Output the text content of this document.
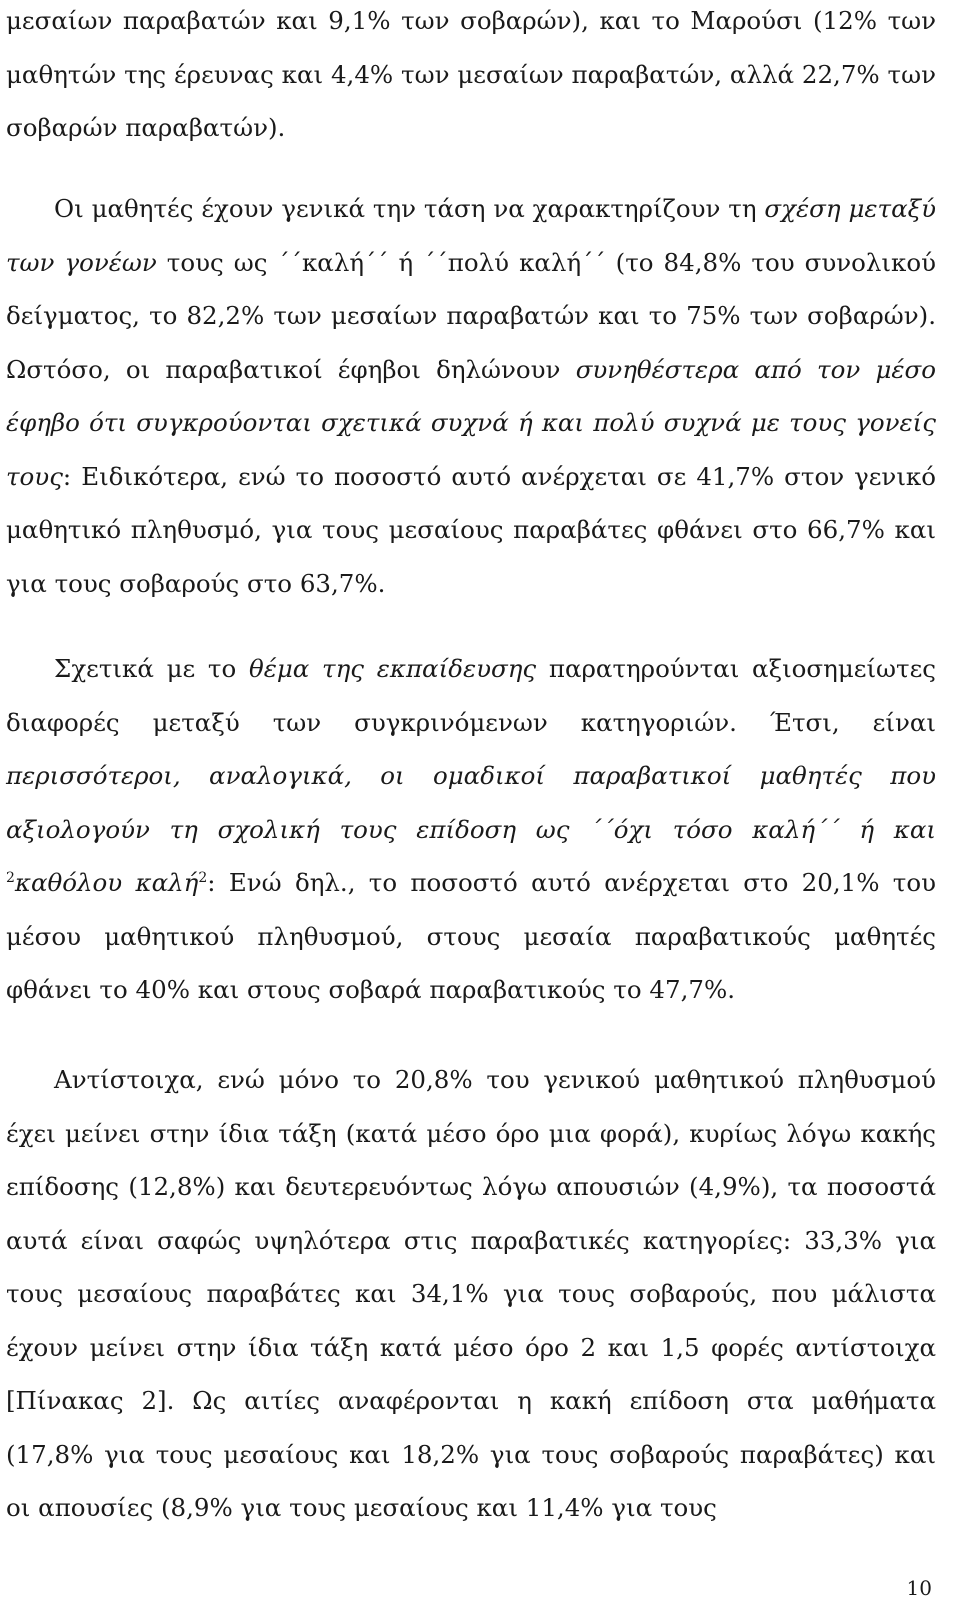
μεσαίων παραβατών και 9,1% των σοβαρών), και το Μαρούσι (12% των μαθητών της έρευνας και 4,4% των μεσαίων παραβατών, αλλά 22,7% των σοβαρών παραβατών).

Οι μαθητές έχουν γενικά την τάση να χαρακτηρίζουν τη σχέση μεταξύ των γονέων τους ως ΄΄καλή΄΄ ή ΄΄πολύ καλή΄΄ (το 84,8% του συνολικού δείγματος, το 82,2% των μεσαίων παραβατών και το 75% των σοβαρών). Ωστόσο, οι παραβατικοί έφηβοι δηλώνουν συνηθέστερα από τον μέσο έφηβο ότι συγκρούονται σχετικά συχνά ή και πολύ συχνά με τους γονείς τους: Ειδικότερα, ενώ το ποσοστό αυτό ανέρχεται σε 41,7% στον γενικό μαθητικό πληθυσμό, για τους μεσαίους παραβάτες φθάνει στο 66,7% και για τους σοβαρούς στο 63,7%.

Σχετικά με το θέμα της εκπαίδευσης παρατηρούνται αξιοσημείωτες διαφορές μεταξύ των συγκρινόμενων κατηγοριών. Έτσι, είναι περισσότεροι, αναλογικά, οι ομαδικοί παραβατικοί μαθητές που αξιολογούν τη σχολική τους επίδοση ως ΄΄όχι τόσο καλή΄΄ ή και $^2$καθόλου καλή$^2$: Ενώ δηλ., το ποσοστό αυτό ανέρχεται στο 20,1% του μέσου μαθητικού πληθυσμού, στους μεσαία παραβατικούς μαθητές φθάνει το 40% και στους σοβαρά παραβατικούς το 47,7%.

Αντίστοιχα, ενώ μόνο το 20,8% του γενικού μαθητικού πληθυσμού έχει μείνει στην ίδια τάξη (κατά μέσο όρο μια φορά), κυρίως λόγω κακής επίδοσης (12,8%) και δευτερευόντως λόγω απουσιών (4,9%), τα ποσοστά αυτά είναι σαφώς υψηλότερα στις παραβατικές κατηγορίες: 33,3% για τους μεσαίους παραβάτες και 34,1% για τους σοβαρούς, που μάλιστα έχουν μείνει στην ίδια τάξη κατά μέσο όρο 2 και 1,5 φορές αντίστοιχα [Πίνακας 2]. Ως αιτίες αναφέρονται η κακή επίδοση στα μαθήματα (17,8% για τους μεσαίους και 18,2% για τους σοβαρούς παραβάτες) και οι απουσίες (8,9% για τους μεσαίους και 11,4% για τους

10
